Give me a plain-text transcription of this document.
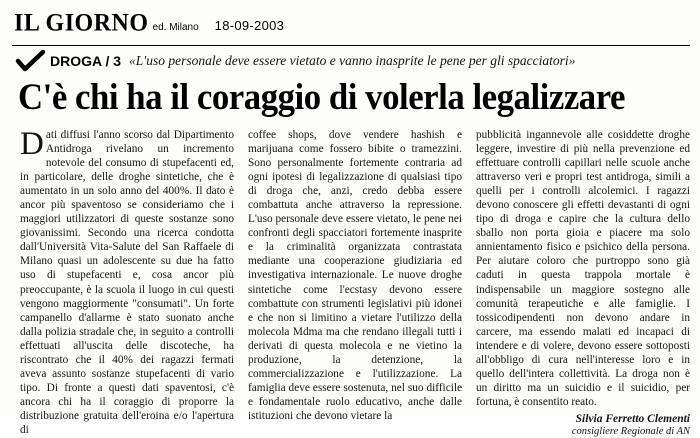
IL GIORNO ed. Milano 18-09-2003
DROGA / 3 «L'uso personale deve essere vietato e vanno inasprite le pene per gli spacciatori»
C'è chi ha il coraggio di volerla legalizzare

Dati diffusi l'anno scorso dal Dipartimento Antidroga rivelano un incremento notevole del consumo di stupefacenti ed, in particolare, delle droghe sintetiche, che è aumentato in un solo anno del 400%. Il dato è ancor più spaventoso se consideriamo che i maggiori utilizzatori di queste sostanze sono giovanissimi. Secondo una ricerca condotta dall'Università Vita-Salute del San Raffaele di Milano quasi un adolescente su due ha fatto uso di stupefacenti e, cosa ancor più preoccupante, è la scuola il luogo in cui questi vengono maggiormente "consumati". Un forte campanello d'allarme è stato suonato anche dalla polizia stradale che, in seguito a controlli effettuati all'uscita delle discoteche, ha riscontrato che il 40% dei ragazzi fermati aveva assunto sostanze stupefacenti di vario tipo. Di fronte a questi dati spaventosi, c'è ancora chi ha il coraggio di proporre la distribuzione gratuita dell'eroina e/o l'apertura di

coffee shops, dove vendere hashish e marijuana come fossero bibite o tramezzini. Sono personalmente fortemente contraria ad ogni ipotesi di legalizzazione di qualsiasi tipo di droga che, anzi, credo debba essere combattuta anche attraverso la repressione. L'uso personale deve essere vietato, le pene nei confronti degli spacciatori fortemente inasprite e la criminalità organizzata contrastata mediante una cooperazione giudiziaria ed investigativa internazionale. Le nuove droghe sintetiche come l'ecstasy devono essere combattute con strumenti legislativi più idonei e che non si limitino a vietare l'utilizzo della molecola Mdma ma che rendano illegali tutti i derivati di questa molecola e ne vietino la produzione, la detenzione, la commercializzazione e l'utilizzazione. La famiglia deve essere sostenuta, nel suo difficile e fondamentale ruolo educativo, anche dalle istituzioni che devono vietare la

pubblicità ingannevole alle cosiddette droghe leggere, investire di più nella prevenzione ed effettuare controlli capillari nelle scuole anche attraverso veri e propri test antidroga, simili a quelli per i controlli alcolemici. I ragazzi devono conoscere gli effetti devastanti di ogni tipo di droga e capire che la cultura dello sballo non porta gioia e piacere ma solo annientamento fisico e psichico della persona. Per aiutare coloro che purtroppo sono già caduti in questa trappola mortale è indispensabile un maggiore sostegno alle comunità terapeutiche e alle famiglie. I tossicodipendenti non devono andare in carcere, ma essendo malati ed incapaci di intendere e di volere, devono essere sottoposti all'obbligo di cura nell'interesse loro e in quello dell'intera collettività. La droga non è un diritto ma un suicidio e il suicidio, per fortuna, è consentito reato.

Silvia Ferretto Clementi
consigliere Regionale di AN
